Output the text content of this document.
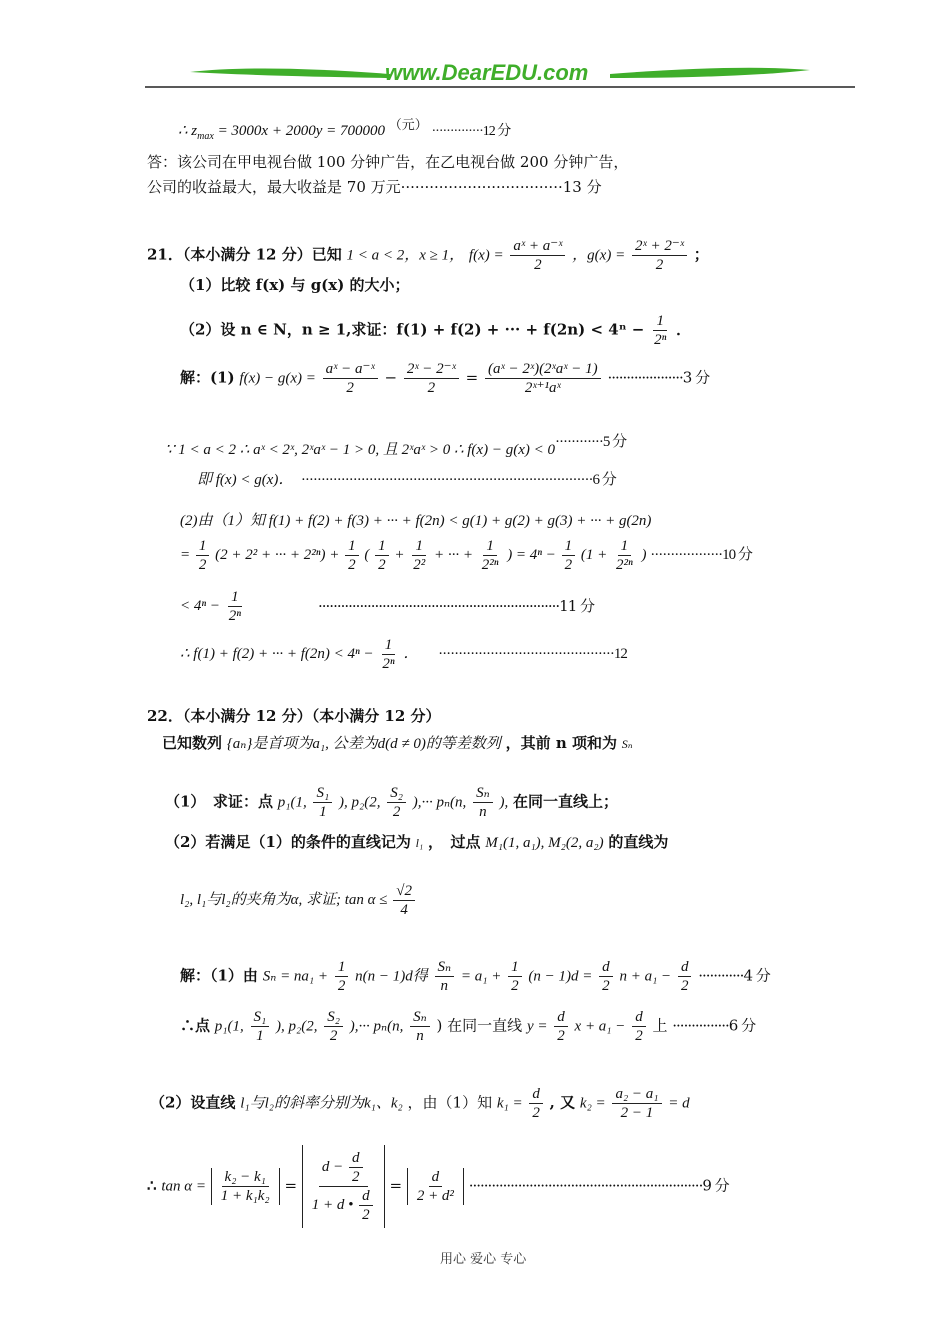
www.DearEDU.com
∴ $z_{max} = 3000x + 2000y = 700000$ （元） ··············12 分
答：该公司在甲电视台做 100 分钟广告，在乙电视台做 200 分钟广告，
公司的收益最大，最大收益是 70 万元··································13 分
21．（本小满分 12 分）已知 1 < a < 2，x ≥ 1， $f(x) = \frac{\text{aˣ + a⁻ˣ}}{2}$ ，$g(x) = \frac{\text{2ˣ + 2⁻ˣ}}{2}$ ；
（1）比较 f(x) 与 g(x) 的大小；
（2）设 n ∈ N，n ≥ 1,求证：f(1) + f(2) + ··· + $f(2n) < 4^n - \frac{1}{\text{2ⁿ}}$ ．
解：(1) $f(x) - g(x) = \frac{\text{aˣ − a⁻ˣ}}{2} - \frac{\text{2ˣ − 2⁻ˣ}}{2} = \frac{\text{(aˣ − 2ˣ)(2ˣaˣ − 1)}}{\text{2ˣ⁺¹aˣ}} \cdot\cdot\cdot\cdot\cdot\cdot\cdot\cdot\cdot\cdot\cdot\cdot\cdot\cdot\cdot\cdot\cdot\cdot\cdot\cdot 3$ 分
∵ 1 < a < 2 ∴ aˣ < 2ˣ, 2ˣaˣ − 1 > 0, 且 2ˣaˣ > 0 ∴ f(x) − g(x) < 0············5 分
即 f(x) < g(x)． ·········································································6 分
(2)由（1）知 f(1) + f(2) + f(3) + ··· + f(2n) < g(1) + g(2) + g(3) + ··· + g(2n)
= $\frac{1}{2} (2 + 2^2$ + ··· + $2^{2n}) + \frac{1}{2}$ ( $\frac{1}{2} + \frac{1}{\text{2²}}$ + ··· + $\frac{1}{\text{2²ⁿ}}$ ) = $4^n - \frac{1}{2} (1 + \frac{1}{\text{2²ⁿ}}$ ) ··················10 分
< $4^n - \frac{1}{\text{2ⁿ}}$	································································11 分
∴ f(1) + f(2) + ··· + $f(2n) < 4^n - \frac{1}{\text{2ⁿ}}$ ． ············································12
22．（本小满分 12 分）（本小满分 12 分）
已知数列 {aₙ}是首项为a₁, 公差为d(d ≠ 0)的等差数列 ，其前 n 项和为 Sₙ
（1）　求证：点 p₁(1, $\frac{\text{S₁}}{1}$ ), p₂(2, $\frac{\text{S₂}}{2}$ ),··· pₙ(n, $\frac{\text{Sₙ}}{n}$ ), 在同一直线上；
（2）若满足（1）的条件的直线记为 l₁ ，　过点 M₁(1, a₁), M₂(2, a₂) 的直线为
l₂, l₁与l₂的夹角为α, 求证; $\tan \alpha \le \frac{√2}{4}$
解：（1）由 $S_n = na_1 + \frac{1}{2} n(n - 1)d$得 $\frac{\text{Sₙ}}{n} = a_1 + \frac{1}{2} (n - 1)d = \frac{d}{2}$ $n + a_1 - \frac{d}{2} \cdot\cdot\cdot\cdot\cdot\cdot\cdot\cdot\cdot\cdot\cdot\cdot 4$ 分
∴点 p₁(1, $\frac{\text{S₁}}{1}$ ), p₂(2, $\frac{\text{S₂}}{2}$ ),··· pₙ(n, $\frac{\text{Sₙ}}{n}$ ) 在同一直线 $y = \frac{d}{2}$ $x + a_1 - \frac{d}{2}$ 上 ···············6 分
（2）设直线 l₁与l₂的斜率分别为k₁、k₂ ，由（1）知 $k_1 = \frac{d}{2}$ , 又 $k_2 = \frac{\text{a₂ − a₁}}{2 - 1} = d$
∴ $\tan \alpha = \frac{\text{k₂ − k₁}}{\text{1 + k₁k₂}} = \frac{d - \frac{d}{2}}{1 + d • \frac{d}{2}} = \frac{d}{\text{2 + d²}} \cdot\cdot\cdot\cdot\cdot\cdot\cdot\cdot\cdot\cdot\cdot\cdot\cdot\cdot\cdot\cdot\cdot\cdot\cdot\cdot\cdot\cdot\cdot\cdot\cdot\cdot\cdot\cdot\cdot\cdot\cdot\cdot\cdot\cdot\cdot\cdot\cdot\cdot\cdot\cdot\cdot\cdot\cdot\cdot\cdot\cdot\cdot\cdot\cdot\cdot\cdot\cdot\cdot\cdot\cdot\cdot\cdot\cdot\cdot\cdot\cdot\cdot 9$ 分
用心 爱心 专心
